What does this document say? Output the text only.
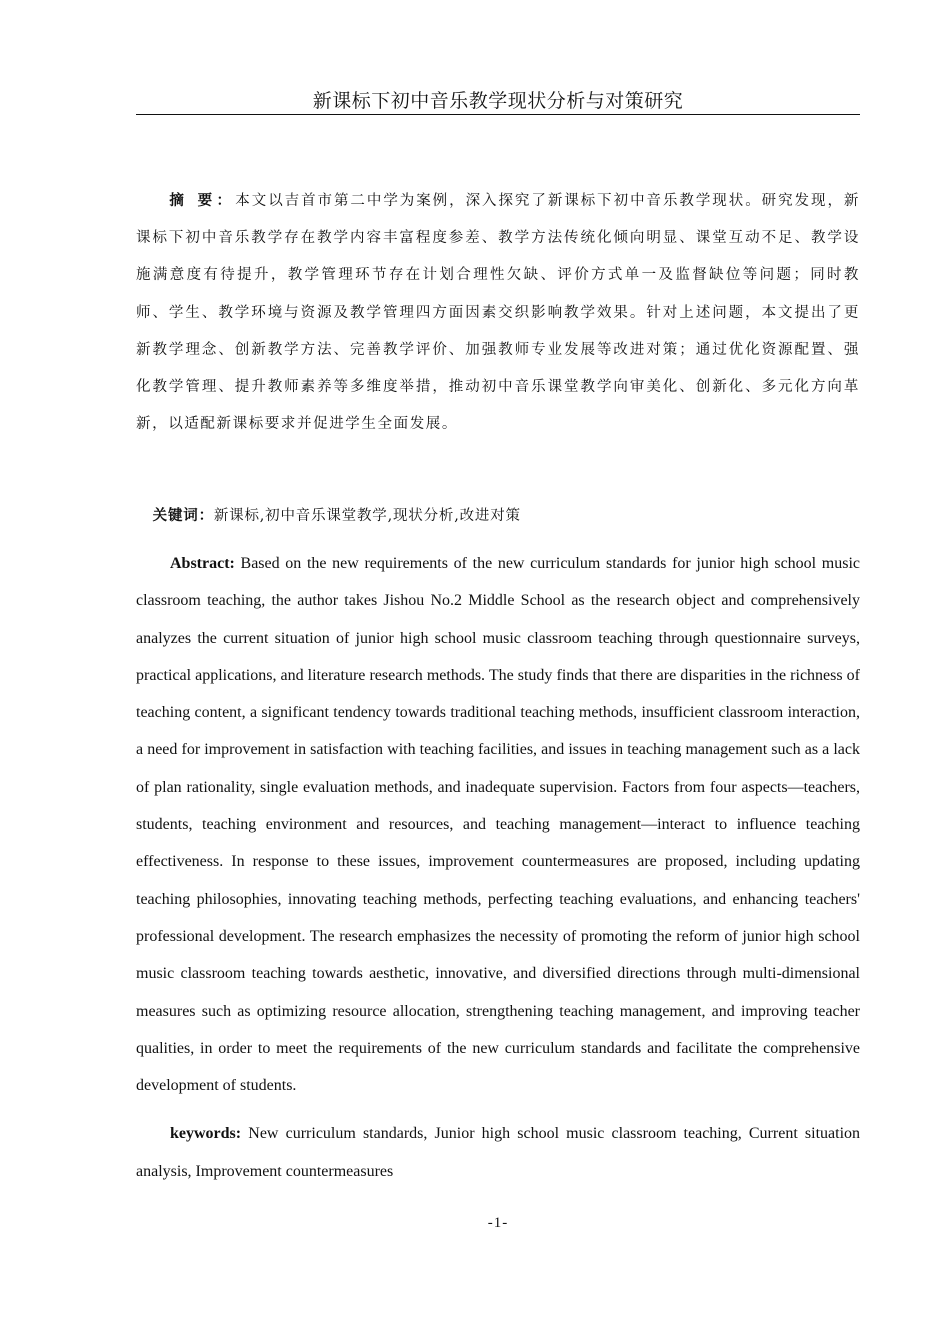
新课标下初中音乐教学现状分析与对策研究

摘 要：本文以吉首市第二中学为案例，深入探究了新课标下初中音乐教学现状。研究发现，新课标下初中音乐教学存在教学内容丰富程度参差、教学方法传统化倾向明显、课堂互动不足、教学设施满意度有待提升，教学管理环节存在计划合理性欠缺、评价方式单一及监督缺位等问题；同时教师、学生、教学环境与资源及教学管理四方面因素交织影响教学效果。针对上述问题，本文提出了更新教学理念、创新教学方法、完善教学评价、加强教师专业发展等改进对策；通过优化资源配置、强化教学管理、提升教师素养等多维度举措，推动初中音乐课堂教学向审美化、创新化、多元化方向革新，以适配新课标要求并促进学生全面发展。

关键词：新课标,初中音乐课堂教学,现状分析,改进对策

Abstract: Based on the new requirements of the new curriculum standards for junior high school music classroom teaching, the author takes Jishou No.2 Middle School as the research object and comprehensively analyzes the current situation of junior high school music classroom teaching through questionnaire surveys, practical applications, and literature research methods. The study finds that there are disparities in the richness of teaching content, a significant tendency towards traditional teaching methods, insufficient classroom interaction, a need for improvement in satisfaction with teaching facilities, and issues in teaching management such as a lack of plan rationality, single evaluation methods, and inadequate supervision. Factors from four aspects—teachers, students, teaching environment and resources, and teaching management—interact to influence teaching effectiveness. In response to these issues, improvement countermeasures are proposed, including updating teaching philosophies, innovating teaching methods, perfecting teaching evaluations, and enhancing teachers' professional development. The research emphasizes the necessity of promoting the reform of junior high school music classroom teaching towards aesthetic, innovative, and diversified directions through multi-dimensional measures such as optimizing resource allocation, strengthening teaching management, and improving teacher qualities, in order to meet the requirements of the new curriculum standards and facilitate the comprehensive development of students.

keywords: New curriculum standards, Junior high school music classroom teaching, Current situation analysis, Improvement countermeasures

-1-
